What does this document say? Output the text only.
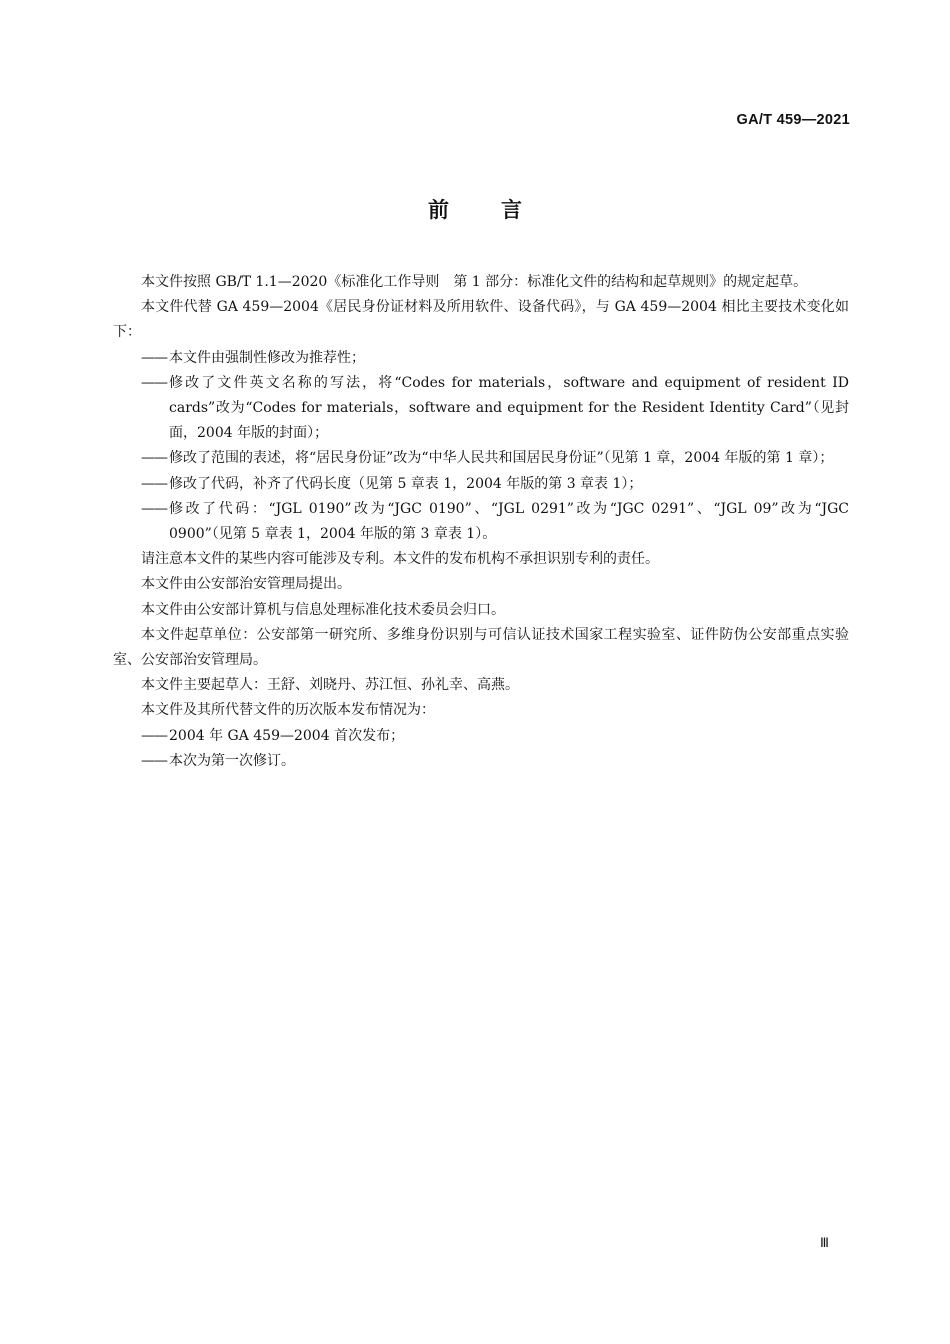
GA/T 459—2021
前言

本文件按照 GB/T 1.1—2020《标准化工作导则　第 1 部分：标准化文件的结构和起草规则》的规定起草。

本文件代替 GA 459—2004《居民身份证材料及所用软件、设备代码》，与 GA 459—2004 相比主要技术变化如下：

—— 本文件由强制性修改为推荐性；
—— 修改了文件英文名称的写法，将“Codes for materials，software and equipment of resident ID cards”改为“Codes for materials，software and equipment for the Resident Identity Card”（见封面，2004 年版的封面）；
—— 修改了范围的表述，将“居民身份证”改为“中华人民共和国居民身份证”（见第 1 章，2004 年版的第 1 章）；
—— 修改了代码，补齐了代码长度（见第 5 章表 1，2004 年版的第 3 章表 1）；
—— 修改了代码：“JGL 0190”改为“JGC 0190”、“JGL 0291”改为“JGC 0291”、“JGL 09”改为“JGC 0900”（见第 5 章表 1，2004 年版的第 3 章表 1）。

请注意本文件的某些内容可能涉及专利。本文件的发布机构不承担识别专利的责任。

本文件由公安部治安管理局提出。

本文件由公安部计算机与信息处理标准化技术委员会归口。

本文件起草单位：公安部第一研究所、多维身份识别与可信认证技术国家工程实验室、证件防伪公安部重点实验室、公安部治安管理局。

本文件主要起草人：王舒、刘晓丹、苏江恒、孙礼幸、高燕。

本文件及其所代替文件的历次版本发布情况为：

—— 2004 年 GA 459—2004 首次发布；
—— 本次为第一次修订。
Ⅲ
